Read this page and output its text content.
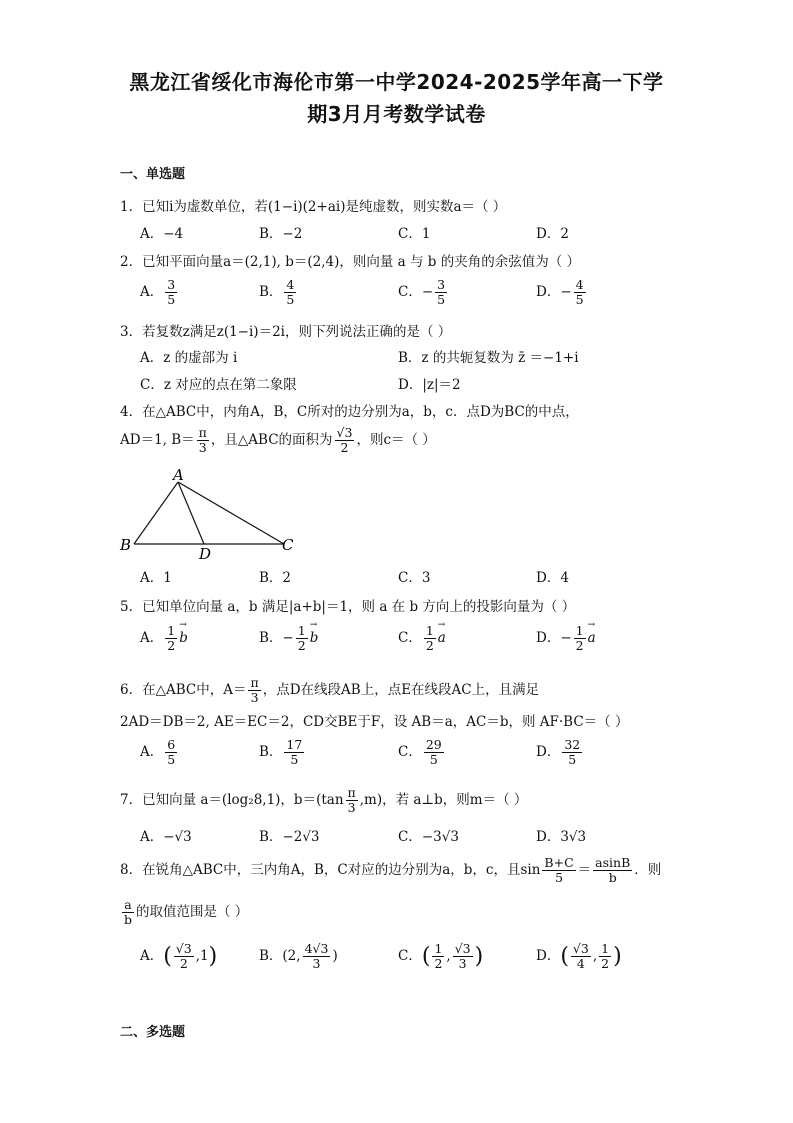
黑龙江省绥化市海伦市第一中学2024-2025学年高一下学
期3月月考数学试卷
一、单选题
1．已知i为虚数单位，若(1−i)(2+ai)是纯虚数，则实数a＝（ ）
A．−4	B．−2	C．1	D．2
2．已知平面向量a＝(2,1), b＝(2,4)，则向量 a 与 b 的夹角的余弦值为（ ）
A． $\frac{3}{5}$	B． $\frac{4}{5}$	C．− $\frac{3}{5}$	D．− $\frac{4}{5}$
3．若复数z满足z(1−i)＝2i，则下列说法正确的是（ ）
A．z 的虚部为 i	B．z 的共轭复数为 z̄ ＝−1+i
C．z 对应的点在第二象限	D．|z|＝2
4．在△ABC中，内角A，B，C所对的边分别为a，b，c．点D为BC的中点，
AD＝1, $B= \frac{\pi}{3}$ ，且△ABC的面积为 $\frac{√3}{2}$ ，则c＝（ ）
A
B	D	C
A．1	B．2	C．3	D．4
5．已知单位向量 a，b 满足|a+b|＝1，则 a 在 b 方向上的投影向量为（ ）
A． $\frac{1}{2}$
→ b	B．− $\frac{1}{2}$
→ b	C． $\frac{1}{2}$
→ a	D．− $\frac{1}{2}$
→ a
6．在△ABC中，$A= \frac{\pi}{3}$ ，点D在线段AB上，点E在线段AC上，且满足
2AD＝DB＝2, AE＝EC＝2，CD交BE于F，设 AB＝a，AC＝b，则 AF·BC＝（ ）
A． $\frac{6}{5}$	B． $\frac{17}{5}$	C． $\frac{29}{5}$	D． $\frac{32}{5}$
7．已知向量 a＝(log₂8,1)，$b=(\tan \frac{\pi}{3} ,m)$，若 a⊥b，则m＝（ ）
A．−√3	B．−2√3	C．−3√3	D．3√3
8．在锐角△ABC中，三内角A，B，C对应的边分别为a，b，c，且$\sin \frac{B+C}{5} = \frac{asinB}{b}$ ．则
$\frac{a}{b}$ 的取值范围是（ ）
A．( $\frac{√3}{2} ,1$)	B．(2, $\frac{4√3}{3}$ )	C．( $\frac{1}{2}$ , $\frac{√3}{3}$ )	D．( $\frac{√3}{4}$ , $\frac{1}{2}$ )
二、多选题
